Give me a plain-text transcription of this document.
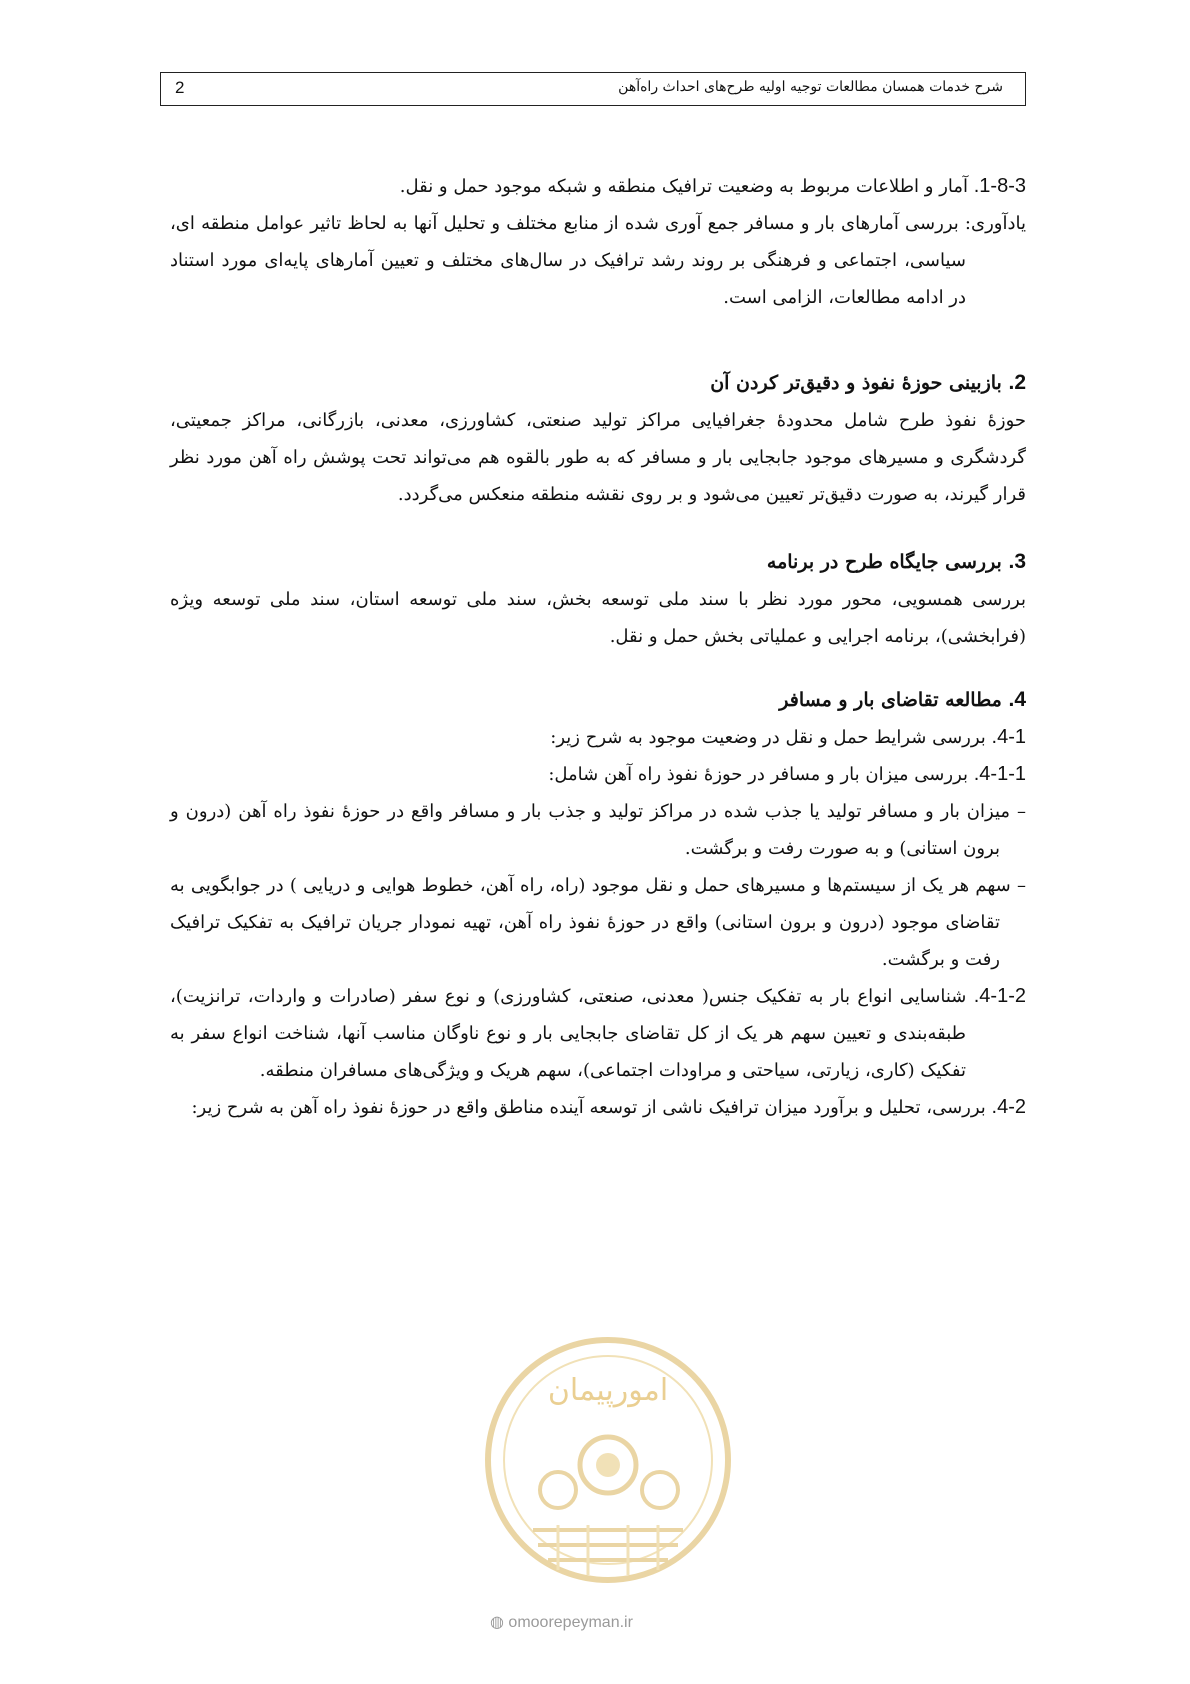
2	شرح خدمات همسان مطالعات توجیه اولیه طرح‌های احداث راه‌آهن

1-8-3. آمار و اطلاعات مربوط به وضعیت ترافیک منطقه و شبکه موجود حمل و نقل.

یادآوری: بررسی آمارهای بار و مسافر جمع آوری شده از منابع مختلف و تحلیل آنها به لحاظ تاثیر عوامل منطقه ای، سیاسی، اجتماعی و فرهنگی بر روند رشد ترافیک در سال‌های مختلف و تعیین آمارهای پایه‌ای مورد استناد در ادامه مطالعات، الزامی است.

2. بازبینی حوزهٔ نفوذ و دقیق‌تر کردن آن

حوزهٔ نفوذ طرح شامل محدودهٔ جغرافیایی مراکز تولید صنعتی، کشاورزی، معدنی، بازرگانی، مراکز جمعیتی، گردشگری و مسیرهای موجود جابجایی بار و مسافر که به طور بالقوه هم می‌تواند تحت پوشش راه آهن مورد نظر قرار گیرند، به صورت دقیق‌تر تعیین می‌شود و بر روی نقشه منطقه منعکس می‌گردد.

3. بررسی جایگاه طرح در برنامه

بررسی همسویی، محور مورد نظر با سند ملی توسعه بخش، سند ملی توسعه استان، سند ملی توسعه ویژه (فرابخشی)، برنامه اجرایی و عملیاتی بخش حمل و نقل.

4. مطالعه تقاضای بار و مسافر

4-1. بررسی شرایط حمل و نقل در وضعیت موجود به شرح زیر:

4-1-1. بررسی میزان بار و مسافر در حوزهٔ نفوذ راه آهن شامل:

– میزان بار و مسافر تولید یا جذب شده در مراکز تولید و جذب بار و مسافر واقع در حوزهٔ نفوذ راه آهن (درون و برون استانی) و به صورت رفت و برگشت.

– سهم هر یک از سیستم‌ها و مسیرهای حمل و نقل موجود (راه، راه آهن، خطوط هوایی و دریایی ) در جوابگویی به تقاضای موجود (درون و برون استانی) واقع در حوزهٔ نفوذ راه آهن، تهیه نمودار جریان ترافیک به تفکیک ترافیک رفت و برگشت.

4-1-2. شناسایی انواع بار به تفکیک جنس( معدنی، صنعتی، کشاورزی) و نوع سفر (صادرات و واردات، ترانزیت)، طبقه‌بندی و تعیین سهم هر یک از کل تقاضای جابجایی بار و نوع ناوگان مناسب آنها، شناخت انواع سفر به تفکیک (کاری، زیارتی، سیاحتی و مراودات اجتماعی)، سهم هریک و ویژگی‌های مسافران منطقه.

4-2. بررسی، تحلیل و برآورد میزان ترافیک ناشی از توسعه آینده مناطق واقع در حوزهٔ نفوذ راه آهن به شرح زیر:

امورپیمان
◍ omoorepeyman.ir
